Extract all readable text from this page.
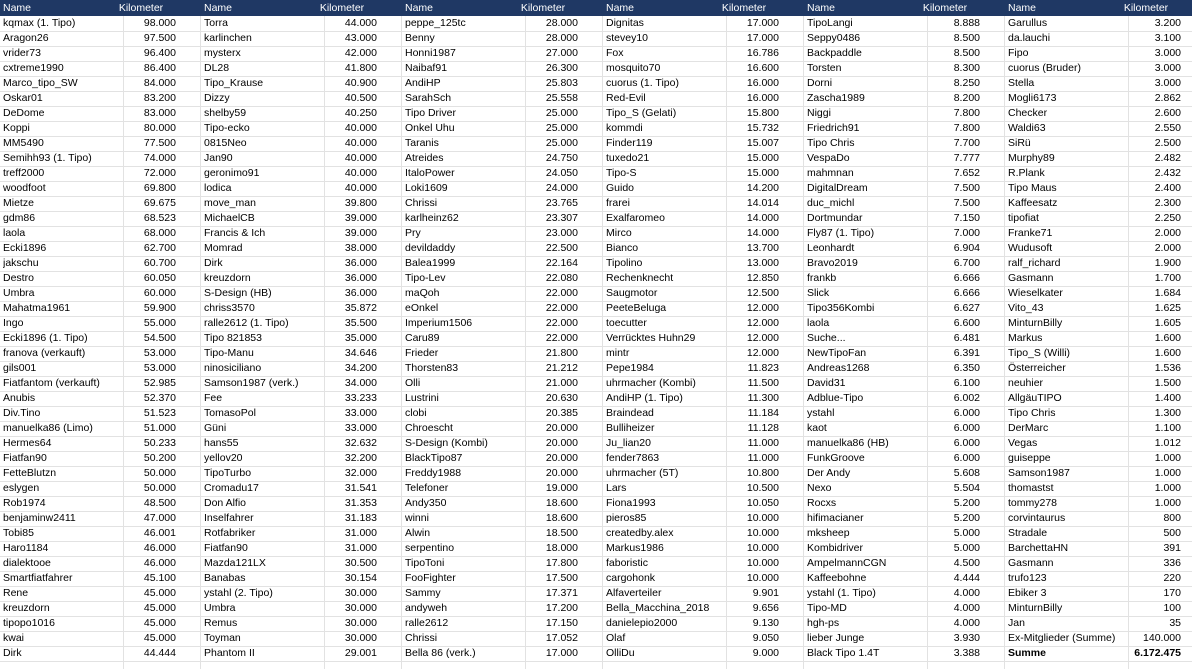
Name	Kilometer	Name	Kilometer	Name	Kilometer	Name	Kilometer	Name	Kilometer	Name	Kilometer
kqmax (1. Tipo)	98.000	Torra	44.000	peppe_125tc	28.000	Dignitas	17.000	TipoLangi	8.888	Garullus	3.200
Aragon26	97.500	karlinchen	43.000	Benny	28.000	stevey10	17.000	Seppy0486	8.500	da.lauchi	3.100
vrider73	96.400	mysterx	42.000	Honni1987	27.000	Fox	16.786	Backpaddle	8.500	Fipo	3.000
cxtreme1990	86.400	DL28	41.800	Naibaf91	26.300	mosquito70	16.600	Torsten	8.300	cuorus (Bruder)	3.000
Marco_tipo_SW	84.000	Tipo_Krause	40.900	AndiHP	25.803	cuorus (1. Tipo)	16.000	Dorni	8.250	Stella	3.000
Oskar01	83.200	Dizzy	40.500	SarahSch	25.558	Red-Evil	16.000	Zascha1989	8.200	Mogli6173	2.862
DeDome	83.000	shelby59	40.250	Tipo Driver	25.000	Tipo_S (Gelati)	15.800	Niggi	7.800	Checker	2.600
Koppi	80.000	Tipo-ecko	40.000	Onkel Uhu	25.000	kommdi	15.732	Friedrich91	7.800	Waldi63	2.550
MM5490	77.500	0815Neo	40.000	Taranis	25.000	Finder119	15.007	Tipo Chris	7.700	SiRü	2.500
Semihh93 (1. Tipo)	74.000	Jan90	40.000	Atreides	24.750	tuxedo21	15.000	VespaDo	7.777	Murphy89	2.482
treff2000	72.000	geronimo91	40.000	ItaloPower	24.050	Tipo-S	15.000	mahmnan	7.652	R.Plank	2.432
woodfoot	69.800	lodica	40.000	Loki1609	24.000	Guido	14.200	DigitalDream	7.500	Tipo Maus	2.400
Mietze	69.675	move_man	39.800	Chrissi	23.765	frarei	14.014	duc_michl	7.500	Kaffeesatz	2.300
gdm86	68.523	MichaelCB	39.000	karlheinz62	23.307	Exalfaromeo	14.000	Dortmundar	7.150	tipofiat	2.250
laola	68.000	Francis & Ich	39.000	Pry	23.000	Mirco	14.000	Fly87 (1. Tipo)	7.000	Franke71	2.000
Ecki1896	62.700	Momrad	38.000	devildaddy	22.500	Bianco	13.700	Leonhardt	6.904	Wudusoft	2.000
jakschu	60.700	Dirk	36.000	Balea1999	22.164	Tipolino	13.000	Bravo2019	6.700	ralf_richard	1.900
Destro	60.050	kreuzdorn	36.000	Tipo-Lev	22.080	Rechenknecht	12.850	frankb	6.666	Gasmann	1.700
Umbra	60.000	S-Design (HB)	36.000	maQoh	22.000	Saugmotor	12.500	Slick	6.666	Wieselkater	1.684
Mahatma1961	59.900	chriss3570	35.872	eOnkel	22.000	PeeteBeluga	12.000	Tipo356Kombi	6.627	Vito_43	1.625
Ingo	55.000	ralle2612 (1. Tipo)	35.500	Imperium1506	22.000	toecutter	12.000	laola	6.600	MinturnBilly	1.605
Ecki1896 (1. Tipo)	54.500	Tipo 821853	35.000	Caru89	22.000	Verrücktes Huhn29	12.000	Suche...	6.481	Markus	1.600
franova (verkauft)	53.000	Tipo-Manu	34.646	Frieder	21.800	mintr	12.000	NewTipoFan	6.391	Tipo_S (Willi)	1.600
gils001	53.000	ninosiciliano	34.200	Thorsten83	21.212	Pepe1984	11.823	Andreas1268	6.350	Österreicher	1.536
Fiatfantom (verkauft)	52.985	Samson1987 (verk.)	34.000	Olli	21.000	uhrmacher (Kombi)	11.500	David31	6.100	neuhier	1.500
Anubis	52.370	Fee	33.233	Lustrini	20.630	AndiHP (1. Tipo)	11.300	Adblue-Tipo	6.002	AllgäuTIPO	1.400
Div.Tino	51.523	TomasoPol	33.000	clobi	20.385	Braindead	11.184	ystahl	6.000	Tipo Chris	1.300
manuelka86 (Limo)	51.000	Güni	33.000	Chroescht	20.000	Bulliheizer	11.128	kaot	6.000	DerMarc	1.100
Hermes64	50.233	hans55	32.632	S-Design (Kombi)	20.000	Ju_lian20	11.000	manuelka86 (HB)	6.000	Vegas	1.012
Fiatfan90	50.200	yellov20	32.200	BlackTipo87	20.000	fender7863	11.000	FunkGroove	6.000	guiseppe	1.000
FetteBlutzn	50.000	TipoTurbo	32.000	Freddy1988	20.000	uhrmacher (5T)	10.800	Der Andy	5.608	Samson1987	1.000
eslygen	50.000	Cromadu17	31.541	Telefoner	19.000	Lars	10.500	Nexo	5.504	thomastst	1.000
Rob1974	48.500	Don Alfio	31.353	Andy350	18.600	Fiona1993	10.050	Rocxs	5.200	tommy278	1.000
benjaminw2411	47.000	Inselfahrer	31.183	winni	18.600	pieros85	10.000	hifimacianer	5.200	corvintaurus	800
Tobi85	46.001	Rotfabriker	31.000	Alwin	18.500	createdby.alex	10.000	mksheep	5.000	Stradale	500
Haro1184	46.000	Fiatfan90	31.000	serpentino	18.000	Markus1986	10.000	Kombidriver	5.000	BarchettaHN	391
dialektooe	46.000	Mazda121LX	30.500	TipoToni	17.800	faboristic	10.000	AmpelmannCGN	4.500	Gasmann	336
Smartfiatfahrer	45.100	Banabas	30.154	FooFighter	17.500	cargohonk	10.000	Kaffeebohne	4.444	trufo123	220
Rene	45.000	ystahl (2. Tipo)	30.000	Sammy	17.371	Alfaverteiler	9.901	ystahl (1. Tipo)	4.000	Ebiker 3	170
kreuzdorn	45.000	Umbra	30.000	andyweh	17.200	Bella_Macchina_2018	9.656	Tipo-MD	4.000	MinturnBilly	100
tipopo1016	45.000	Remus	30.000	ralle2612	17.150	danielepio2000	9.130	hgh-ps	4.000	Jan	35
kwai	45.000	Toyman	30.000	Chrissi	17.052	Olaf	9.050	lieber Junge	3.930	Ex-Mitglieder (Summe)	140.000
Dirk	44.444	Phantom II	29.001	Bella 86 (verk.)	17.000	OlliDu	9.000	Black Tipo 1.4T	3.388	Summe	6.172.475
